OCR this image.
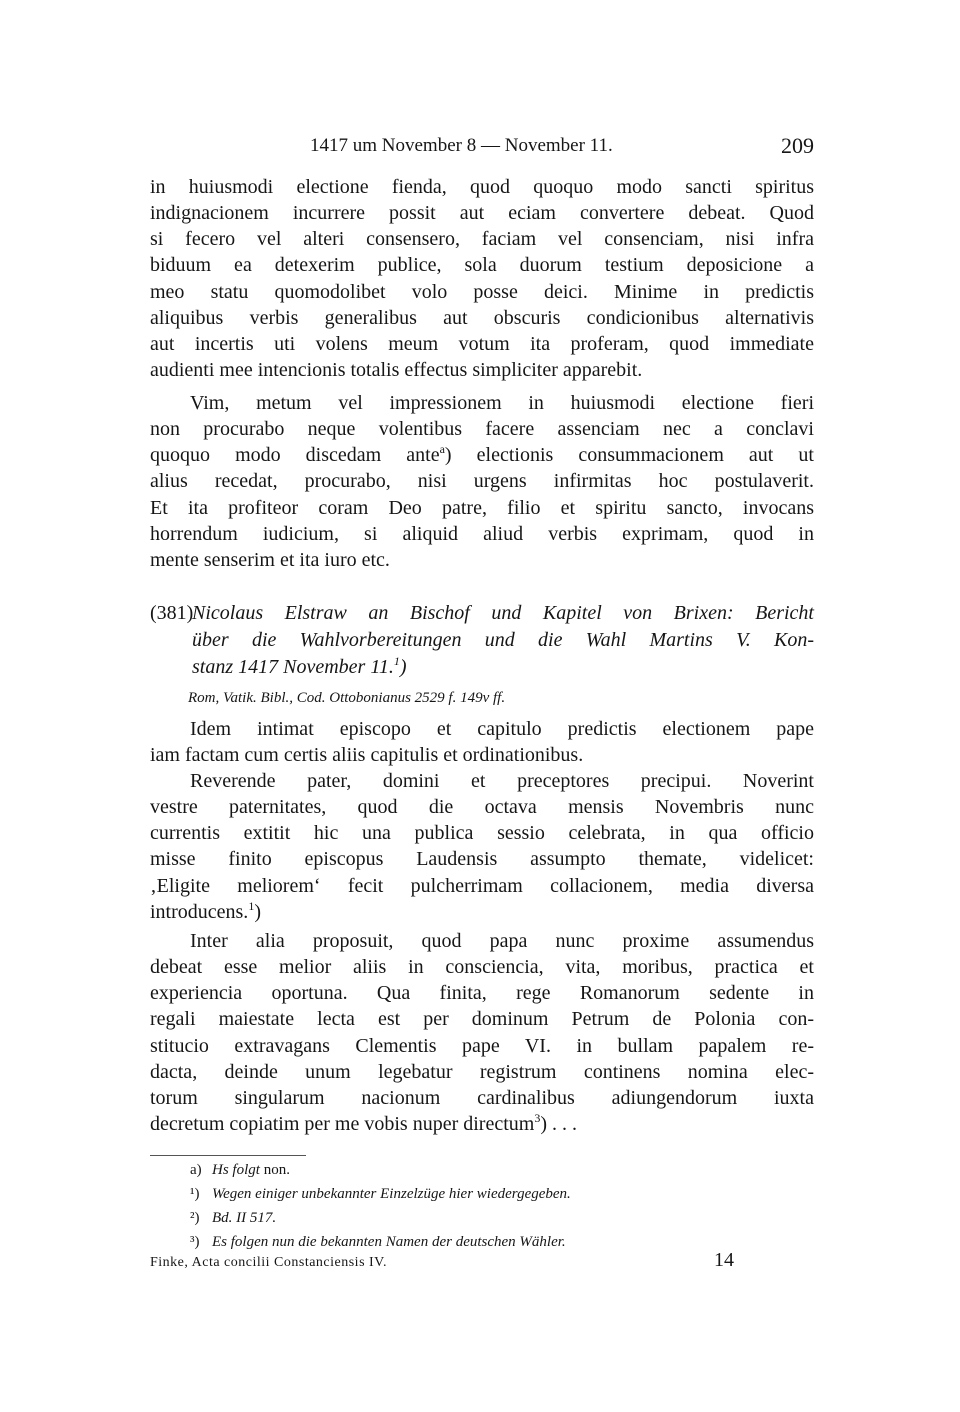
1417 um November 8 — November 11.	209
in huiusmodi electione fienda, quod quoquo modo sancti spiritus
indignacionem incurrere possit aut eciam convertere debeat. Quod
si fecero vel alteri consensero, faciam vel consenciam, nisi infra
biduum ea detexerim publice, sola duorum testium deposicione a
meo statu quomodolibet volo posse deici. Minime in predictis
aliquibus verbis generalibus aut obscuris condicionibus alternativis
aut incertis uti volens meum votum ita proferam, quod immediate
audienti mee intencionis totalis effectus simpliciter apparebit.
Vim, metum vel impressionem in huiusmodi electione fieri
non procurabo neque volentibus facere assenciam nec a conclavi
quoquo modo discedam ante$^a$) electionis consummacionem aut ut
alius recedat, procurabo, nisi urgens infirmitas hoc postulaverit.
Et ita profiteor coram Deo patre, filio et spiritu sancto, invocans
horrendum iudicium, si aliquid aliud verbis exprimam, quod in
mente senserim et ita iuro etc.
(381)
Nicolaus Elstraw an Bischof und Kapitel von Brixen: Bericht
über die Wahlvorbereitungen und die Wahl Martins V. Kon-
stanz 1417 November 11.$^1$)
Rom, Vatik. Bibl., Cod. Ottobonianus 2529 f. 149v ff.
Idem intimat episcopo et capitulo predictis electionem pape
iam factam cum certis aliis capitulis et ordinationibus.
Reverende pater, domini et preceptores precipui. Noverint
vestre paternitates, quod die octava mensis Novembris nunc
currentis extitit hic una publica sessio celebrata, in qua officio
misse finito episcopus Laudensis assumpto themate, videlicet:
‚Eligite meliorem‘ fecit pulcherrimam collacionem, media diversa
introducens.$^1$)
Inter alia proposuit, quod papa nunc proxime assumendus
debeat esse melior aliis in consciencia, vita, moribus, practica et
experiencia oportuna. Qua finita, rege Romanorum sedente in
regali maiestate lecta est per dominum Petrum de Polonia con-
stitucio extravagans Clementis pape VI. in bullam papalem re-
dacta, deinde unum legebatur registrum continens nomina elec-
torum singularum nacionum cardinalibus adiungendorum iuxta
decretum copiatim per me vobis nuper directum$^3$) . . .
a) Hs folgt non.
¹) Wegen einiger unbekannter Einzelzüge hier wiedergegeben.
²) Bd. II 517.
³) Es folgen nun die bekannten Namen der deutschen Wähler.
Finke, Acta concilii Constanciensis IV.	14
